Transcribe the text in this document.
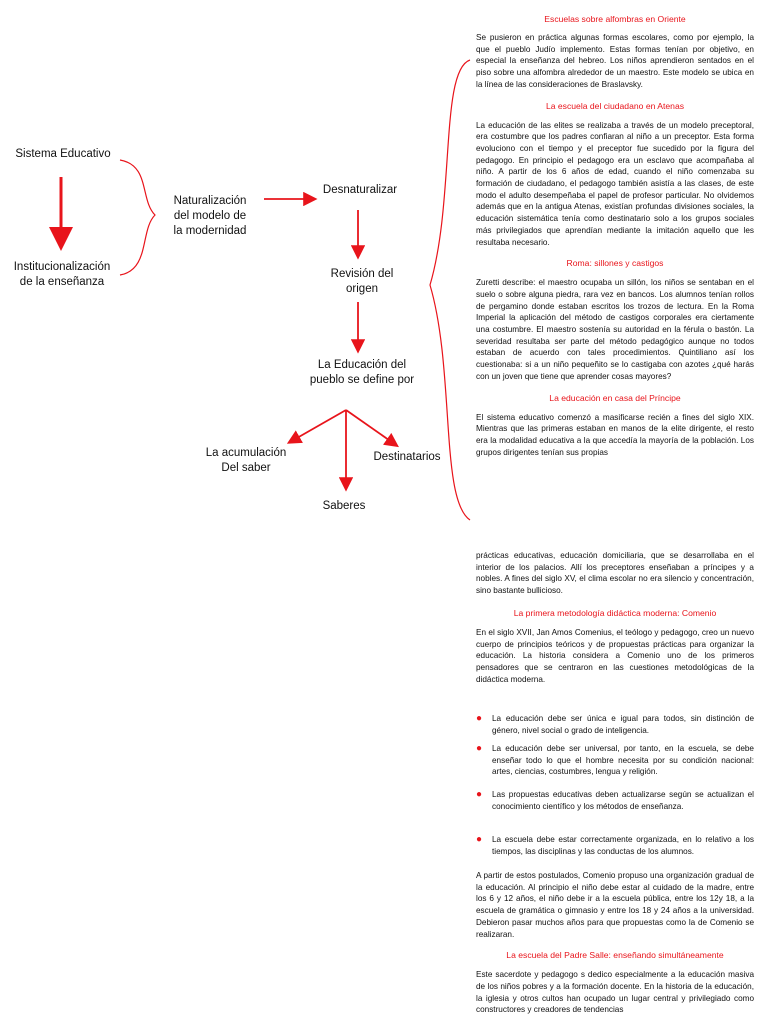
Sistema Educativo
Institucionalización
de la enseñanza
Naturalización
del modelo de
la modernidad
Desnaturalizar
Revisión del
origen
La Educación del
pueblo se define por
La acumulación
Del saber
Destinatarios
Saberes

Escuelas sobre alfombras en Oriente

Se pusieron en práctica algunas formas escolares, como por ejemplo, la que el pueblo Judío implemento. Estas formas tenían por objetivo, en especial la enseñanza del hebreo. Los niños aprendieron sentados en el piso sobre una alfombra alrededor de un maestro. Este modelo se ubica en la línea de las consideraciones de Braslavsky.

La escuela del ciudadano en Atenas

La educación de las elites se realizaba a través de un modelo preceptoral, era costumbre que los padres confiaran al niño a un preceptor. Esta forma evoluciono con el tiempo y el preceptor fue sucedido por la figura del pedagogo. En principio el pedagogo era un esclavo que acompañaba al niño. A partir de los 6 años de edad, cuando el niño comenzaba su formación de ciudadano, el pedagogo también asistía a las clases, de este modo el adulto desempeñaba el papel de profesor particular. No olvidemos además que en la antigua Atenas, existían profundas divisiones sociales, la educación sistemática tenía como destinatario solo a los grupos sociales más privilegiados que aprendían mediante la imitación aquello que les resultaba necesario.

Roma: sillones y castigos

Zuretti describe: el maestro ocupaba un sillón, los niños se sentaban en el suelo o sobre alguna piedra, rara vez en bancos. Los alumnos tenían rollos de pergamino donde estaban escritos los trozos de lectura. En la Roma Imperial la aplicación del método de castigos corporales era ciertamente una costumbre. El maestro sostenía su autoridad en la férula o bastón. La severidad resultaba ser parte del método pedagógico aunque no todos estaban de acuerdo con tales procedimientos. Quintiliano así los cuestionaba: si a un niño pequeñito se lo castigaba con azotes ¿qué harás con un joven que tiene que aprender cosas mayores?

La educación en casa del Príncipe

El sistema educativo comenzó a masificarse recién a fines del siglo XIX. Mientras que las primeras estaban en manos de la elite dirigente, el resto era la modalidad educativa a la que accedía la mayoría de la población. Los grupos dirigentes tenían sus propias

prácticas educativas, educación domiciliaria, que se desarrollaba en el interior de los palacios. Allí los preceptores enseñaban a príncipes y a nobles. A fines del siglo XV, el clima escolar no era silencio y concentración, sino bastante bullicioso.

La primera metodología didáctica moderna: Comenio

En el siglo XVII, Jan Amos Comenius, el teólogo y pedagogo, creo un nuevo cuerpo de principios teóricos y de propuestas prácticas para organizar la educación. La historia considera a Comenio uno de los primeros pensadores que se centraron en las cuestiones metodológicas de la didáctica moderna.

● La educación debe ser única e igual para todos, sin distinción de género, nivel social o grado de inteligencia.

● La educación debe ser universal, por tanto, en la escuela, se debe enseñar todo lo que el hombre necesita por su condición nacional: artes, ciencias, costumbres, lengua y religión.

● Las propuestas educativas deben actualizarse según se actualizan el conocimiento científico y los métodos de enseñanza.

● La escuela debe estar correctamente organizada, en lo relativo a los tiempos, las disciplinas y las conductas de los alumnos.

A partir de estos postulados, Comenio propuso una organización gradual de la educación. Al principio el niño debe estar al cuidado de la madre, entre los 6 y 12 años, el niño debe ir a la escuela pública, entre los 12y 18, a la escuela de gramática o gimnasio y entre los 18 y 24 años a la universidad. Debieron pasar muchos años para que propuestas como la de Comenio se realizaran.

La escuela del Padre Salle: enseñando simultáneamente

Este sacerdote y pedagogo s dedico especialmente a la educación masiva de los niños pobres y a la formación docente. En la historia de la educación, la iglesia y otros cultos han ocupado un lugar central y privilegiado como constructores y creadores de tendencias
